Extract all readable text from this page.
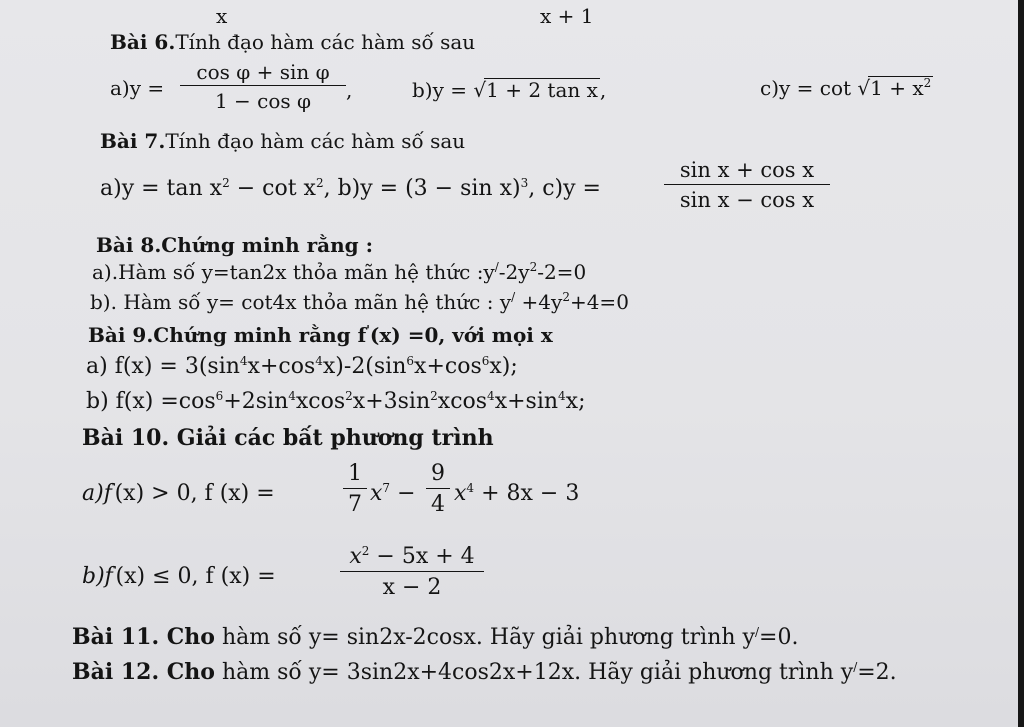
x	x + 1
Bài 6.Tính đạo hàm các hàm số sau
a)y =
cos φ + sin φ
1 − cos φ	,	b)y = √1 + 2 tan x ,	$c)y = \cot √1 + x^2$
Bài 7.Tính đạo hàm các hàm số sau
$a)y = \tan x^2 - \cot x^2$, $b)y = (3 - \sin x)^3$, c)y =
sin x + cos x
sin x − cos x
Bài 8.Chứng minh rằng :
a).Hàm số y=tan2x thỏa mãn hệ thức $:y^/-2y^2-2=0$
b). Hàm số y= cot4x thỏa mãn hệ thức : $y^/ +4y^2+4=0$
Bài 9.Chứng minh rằng f'(x) =0, với mọi x
a) $f(x) = 3(\sin^4x+\cos^4x)-2(\sin^6x+\cos^6x)$;
b) $f(x) =\cos^6+2\sin^4xcos^2x+3\sin^2xcos^4x+\sin^4x$;
Bài 10. Giải các bất phương trình
a)f′(x) > 0, f (x) =
1
7 $x^7$ −
9
4 $x^4 + 8x - 3$
b)f′(x) ≤ 0, f (x) =
$x^2 - 5x + 4$
x − 2
Bài 11. Cho hàm số y= sin2x-2cosx. Hãy giải phương trình y/=0.
Bài 12. Cho hàm số y= 3sin2x+4cos2x+12x. Hãy giải phương trình y/=2.
